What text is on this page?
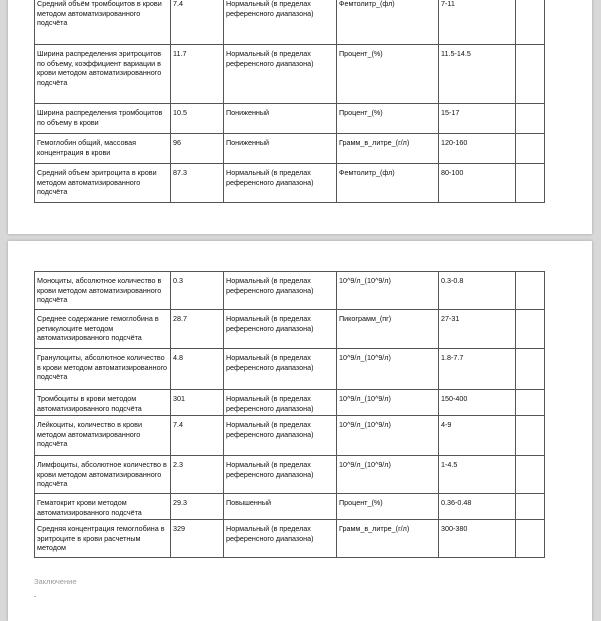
Средний объём тромбоцитов в крови методом автоматизированного подсчёта	7.4	Нормальный (в пределах референсного диапазона)	Фемтолитр_(фл)	7-11	
Ширина распределения эритроцитов по объему, коэффициент вариации в крови методом автоматизированного подсчёта	11.7	Нормальный (в пределах референсного диапазона)	Процент_(%)	11.5-14.5	
Ширина распределения тромбоцитов по объему в крови	10.5	Пониженный	Процент_(%)	15-17	
Гемоглобин общий, массовая концентрация в крови	96	Пониженный	Грамм_в_литре_(г/л)	120-160	
Средний объем эритроцита в крови методом автоматизированного подсчёта	87.3	Нормальный (в пределах референсного диапазона)	Фемтолитр_(фл)	80-100	
Моноциты, абсолютное количество в крови методом автоматизированного подсчёта	0.3	Нормальный (в пределах референсного диапазона)	10^9/л_(10^9/л)	0.3-0.8	
Среднее содержание гемоглобина в ретикулоците методом автоматизированного подсчёта	28.7	Нормальный (в пределах референсного диапазона)	Пикограмм_(пг)	27-31	
Гранулоциты, абсолютное количество в крови методом автоматизированного подсчёта	4.8	Нормальный (в пределах референсного диапазона)	10^9/л_(10^9/л)	1.8-7.7	
Тромбоциты в крови методом автоматизированного подсчёта	301	Нормальный (в пределах референсного диапазона)	10^9/л_(10^9/л)	150-400	
Лейкоциты, количество в крови методом автоматизированного подсчёта	7.4	Нормальный (в пределах референсного диапазона)	10^9/л_(10^9/л)	4-9	
Лимфоциты, абсолютное количество в крови методом автоматизированного подсчёта	2.3	Нормальный (в пределах референсного диапазона)	10^9/л_(10^9/л)	1-4.5	
Гематокрит крови методом автоматизированного подсчёта	29.3	Повышенный	Процент_(%)	0.36-0.48	
Средняя концентрация гемоглобина в эритроците в крови расчетным методом	329	Нормальный (в пределах референсного диапазона)	Грамм_в_литре_(г/л)	300-380	
Заключение
.
